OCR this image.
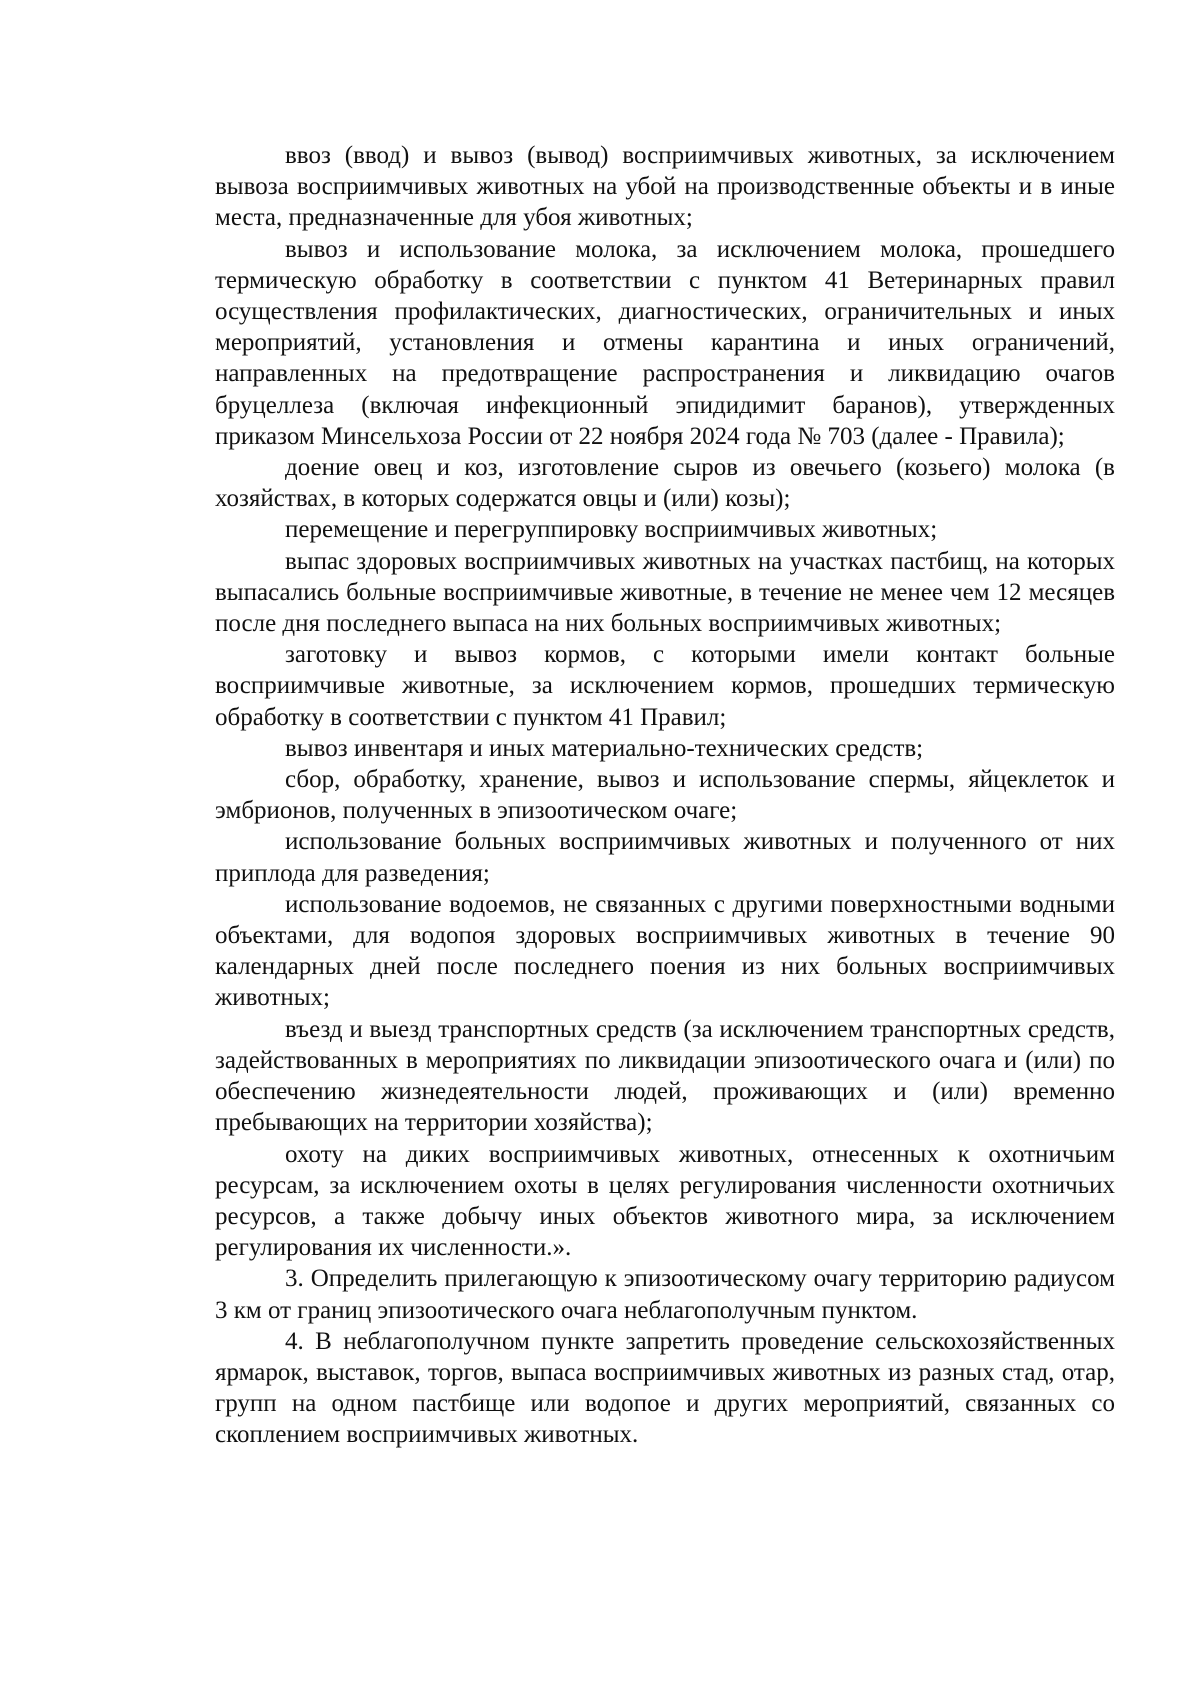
ввоз (ввод) и вывоз (вывод) восприимчивых животных, за исключением вывоза восприимчивых животных на убой на производственные объекты и в иные места, предназначенные для убоя животных;

вывоз и использование молока, за исключением молока, прошедшего термическую обработку в соответствии с пунктом 41 Ветеринарных правил осуществления профилактических, диагностических, ограничительных и иных мероприятий, установления и отмены карантина и иных ограничений, направленных на предотвращение распространения и ликвидацию очагов бруцеллеза (включая инфекционный эпидидимит баранов), утвержденных приказом Минсельхоза России от 22 ноября 2024 года № 703 (далее - Правила);

доение овец и коз, изготовление сыров из овечьего (козьего) молока (в хозяйствах, в которых содержатся овцы и (или) козы);

перемещение и перегруппировку восприимчивых животных;

выпас здоровых восприимчивых животных на участках пастбищ, на которых выпасались больные восприимчивые животные, в течение не менее чем 12 месяцев после дня последнего выпаса на них больных восприимчивых животных;

заготовку и вывоз кормов, с которыми имели контакт больные восприимчивые животные, за исключением кормов, прошедших термическую обработку в соответствии с пунктом 41 Правил;

вывоз инвентаря и иных материально-технических средств;

сбор, обработку, хранение, вывоз и использование спермы, яйцеклеток и эмбрионов, полученных в эпизоотическом очаге;

использование больных восприимчивых животных и полученного от них приплода для разведения;

использование водоемов, не связанных с другими поверхностными водными объектами, для водопоя здоровых восприимчивых животных в течение 90 календарных дней после последнего поения из них больных восприимчивых животных;

въезд и выезд транспортных средств (за исключением транспортных средств, задействованных в мероприятиях по ликвидации эпизоотического очага и (или) по обеспечению жизнедеятельности людей, проживающих и (или) временно пребывающих на территории хозяйства);

охоту на диких восприимчивых животных, отнесенных к охотничьим ресурсам, за исключением охоты в целях регулирования численности охотничьих ресурсов, а также добычу иных объектов животного мира, за исключением регулирования их численности.».

3. Определить прилегающую к эпизоотическому очагу территорию радиусом 3 км от границ эпизоотического очага неблагополучным пунктом.

4. В неблагополучном пункте запретить проведение сельскохозяйственных ярмарок, выставок, торгов, выпаса восприимчивых животных из разных стад, отар, групп на одном пастбище или водопое и других мероприятий, связанных со скоплением восприимчивых животных.
